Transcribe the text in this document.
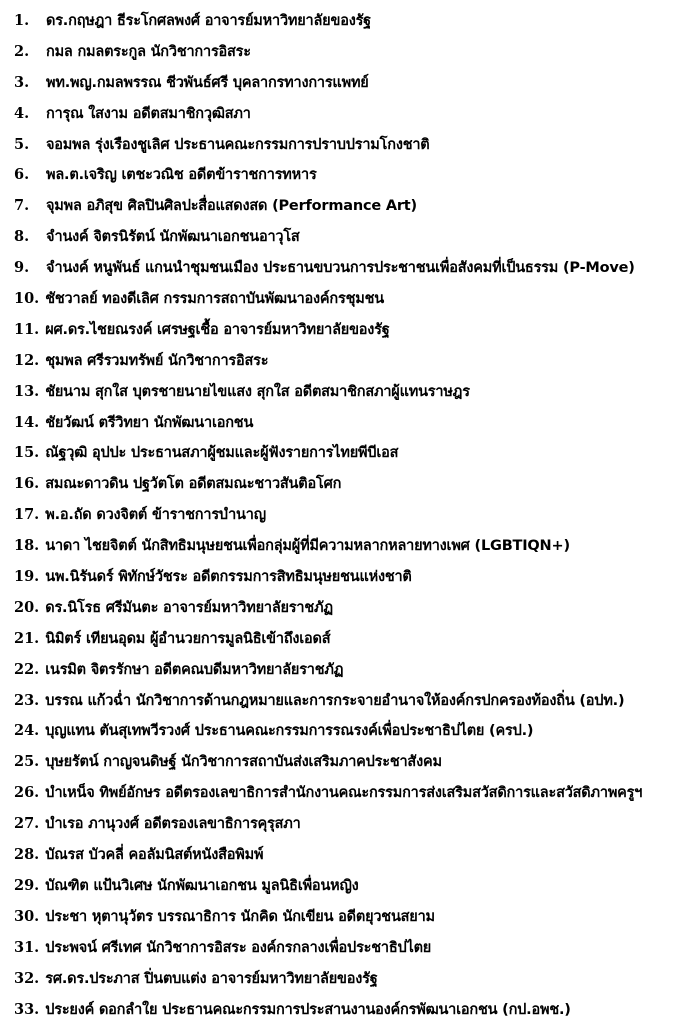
1.	ดร.กฤษฎา ธีระโกศลพงศ์ อาจารย์มหาวิทยาลัยของรัฐ
2.	กมล กมลตระกูล นักวิชาการอิสระ
3.	พท.พญ.กมลพรรณ ชีวพันธ์ศรี บุคลากรทางการแพทย์
4.	การุณ ใสงาม อดีตสมาชิกวุฒิสภา
5.	จอมพล รุ่งเรืองชูเลิศ ประธานคณะกรรมการปราบปรามโกงชาติ
6.	พล.ต.เจริญ เตชะวณิช อดีตข้าราชการทหาร
7.	จุมพล อภิสุข ศิลปินศิลปะสื่อแสดงสด (Performance Art)
8.	จำนงค์ จิตรนิรัตน์ นักพัฒนาเอกชนอาวุโส
9.	จำนงค์ หนูพันธ์ แกนนำชุมชนเมือง ประธานขบวนการประชาชนเพื่อสังคมที่เป็นธรรม (P-Move)
10. ชัชวาลย์ ทองดีเลิศ กรรมการสถาบันพัฒนาองค์กรชุมชน
11. ผศ.ดร.ไชยณรงค์ เศรษฐเชื้อ อาจารย์มหาวิทยาลัยของรัฐ
12. ชุมพล ศรีรวมทรัพย์ นักวิชาการอิสระ
13. ชัยนาม สุกใส บุตรชายนายไขแสง สุกใส อดีตสมาชิกสภาผู้แทนราษฎร
14. ชัยวัฒน์ ตรีวิทยา นักพัฒนาเอกชน
15. ณัฐวุฒิ อุปปะ ประธานสภาผู้ชมและผู้ฟังรายการไทยพีบีเอส
16. สมณะดาวดิน ปฐวัตโต อดีตสมณะชาวสันติอโศก
17. พ.อ.ถัด ดวงจิตต์ ข้าราชการบำนาญ
18. นาดา ไชยจิตต์ นักสิทธิมนุษยชนเพื่อกลุ่มผู้ที่มีความหลากหลายทางเพศ (LGBTIQN+)
19. นพ.นิรันดร์ พิทักษ์วัชระ อดีตกรรมการสิทธิมนุษยชนแห่งชาติ
20. ดร.นิโรธ ศรีมันตะ อาจารย์มหาวิทยาลัยราชภัฏ
21. นิมิตร์ เทียนอุดม ผู้อำนวยการมูลนิธิเข้าถึงเอดส์
22. เนรมิต จิตรรักษา อดีตคณบดีมหาวิทยาลัยราชภัฏ
23. บรรณ แก้วฉ่ำ นักวิชาการด้านกฎหมายและการกระจายอำนาจให้องค์กรปกครองท้องถิ่น (อปท.)
24. บุญแทน ตันสุเทพวีรวงศ์ ประธานคณะกรรมการรณรงค์เพื่อประชาธิปไตย (ครป.)
25. บุษยรัตน์ กาญจนดิษฐ์ นักวิชาการสถาบันส่งเสริมภาคประชาสังคม
26. บำเหน็จ ทิพย์อักษร อดีตรองเลขาธิการสำนักงานคณะกรรมการส่งเสริมสวัสดิการและสวัสดิภาพครูฯ
27. บำเรอ ภานุวงศ์ อดีตรองเลขาธิการคุรุสภา
28. บัณรส บัวคลี่ คอลัมนิสต์หนังสือพิมพ์
29. บัณฑิต แป้นวิเศษ นักพัฒนาเอกชน มูลนิธิเพื่อนหญิง
30. ประชา หุตานุวัตร บรรณาธิการ นักคิด นักเขียน อดีตยุวชนสยาม
31. ประพจน์ ศรีเทศ นักวิชาการอิสระ องค์กรกลางเพื่อประชาธิปไตย
32. รศ.ดร.ประภาส ปิ่นตบแต่ง อาจารย์มหาวิทยาลัยของรัฐ
33. ประยงค์ ดอกลำใย ประธานคณะกรรมการประสานงานองค์กรพัฒนาเอกชน (กป.อพช.)
